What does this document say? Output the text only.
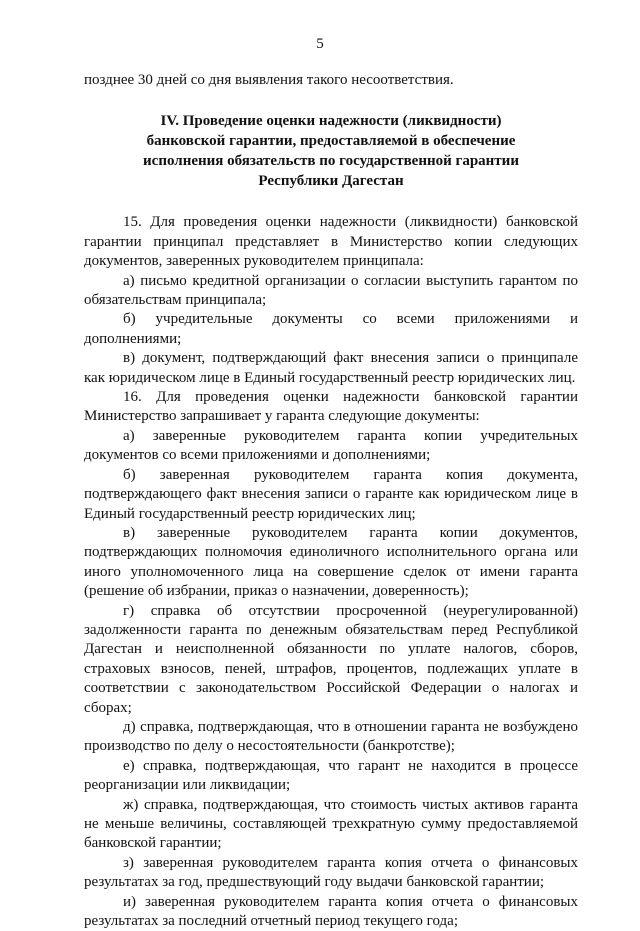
5

позднее 30 дней со дня выявления такого несоответствия.

IV. Проведение оценки надежности (ликвидности)
банковской гарантии, предоставляемой в обеспечение
исполнения обязательств по государственной гарантии
Республики Дагестан

15. Для проведения оценки надежности (ликвидности) банковской гарантии принципал представляет в Министерство копии следующих документов, заверенных руководителем принципала:

а) письмо кредитной организации о согласии выступить гарантом по обязательствам принципала;

б) учредительные документы со всеми приложениями и дополнениями;

в) документ, подтверждающий факт внесения записи о принципале как юридическом лице в Единый государственный реестр юридических лиц.

16. Для проведения оценки надежности банковской гарантии Министерство запрашивает у гаранта следующие документы:

а) заверенные руководителем гаранта копии учредительных документов со всеми приложениями и дополнениями;

б) заверенная руководителем гаранта копия документа, подтверждающего факт внесения записи о гаранте как юридическом лице в Единый государственный реестр юридических лиц;

в) заверенные руководителем гаранта копии документов, подтверждающих полномочия единоличного исполнительного органа или иного уполномоченного лица на совершение сделок от имени гаранта (решение об избрании, приказ о назначении, доверенность);

г) справка об отсутствии просроченной (неурегулированной) задолженности гаранта по денежным обязательствам перед Республикой Дагестан и неисполненной обязанности по уплате налогов, сборов, страховых взносов, пеней, штрафов, процентов, подлежащих уплате в соответствии с законодательством Российской Федерации о налогах и сборах;

д) справка, подтверждающая, что в отношении гаранта не возбуждено производство по делу о несостоятельности (банкротстве);

е) справка, подтверждающая, что гарант не находится в процессе реорганизации или ликвидации;

ж) справка, подтверждающая, что стоимость чистых активов гаранта не меньше величины, составляющей трехкратную сумму предоставляемой банковской гарантии;

з) заверенная руководителем гаранта копия отчета о финансовых результатах за год, предшествующий году выдачи банковской гарантии;

и) заверенная руководителем гаранта копия отчета о финансовых результатах за последний отчетный период текущего года;
